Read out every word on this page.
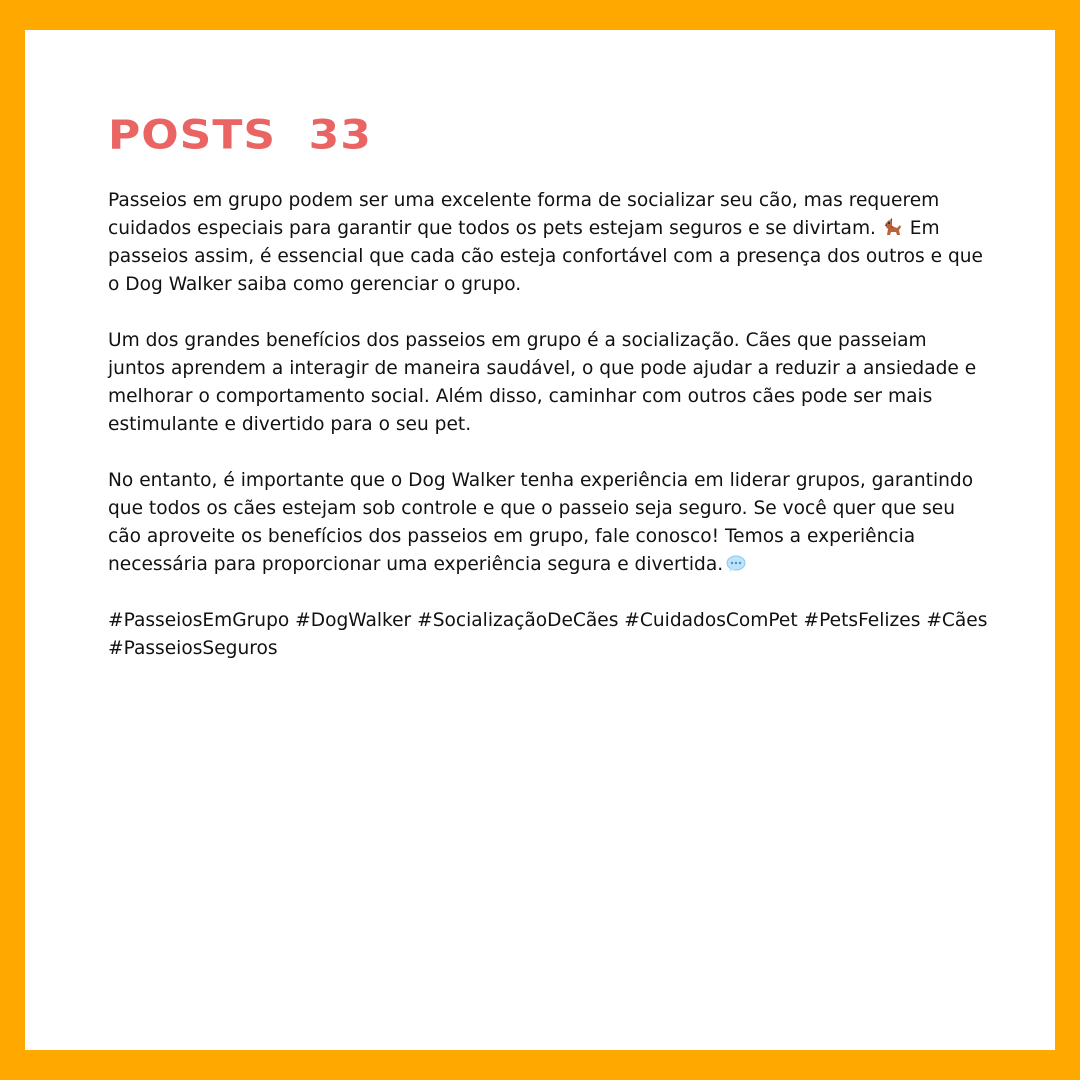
POSTS  33

Passeios em grupo podem ser uma excelente forma de socializar seu cão, mas requerem cuidados especiais para garantir que todos os pets estejam seguros e se divirtam.  Em passeios assim, é essencial que cada cão esteja confortável com a presença dos outros e que o Dog Walker saiba como gerenciar o grupo.

Um dos grandes benefícios dos passeios em grupo é a socialização. Cães que passeiam juntos aprendem a interagir de maneira saudável, o que pode ajudar a reduzir a ansiedade e melhorar o comportamento social. Além disso, caminhar com outros cães pode ser mais estimulante e divertido para o seu pet.

No entanto, é importante que o Dog Walker tenha experiência em liderar grupos, garantindo que todos os cães estejam sob controle e que o passeio seja seguro. Se você quer que seu cão aproveite os benefícios dos passeios em grupo, fale conosco! Temos a experiência necessária para proporcionar uma experiência segura e divertida.

#PasseiosEmGrupo #DogWalker #SocializaçãoDeCães #CuidadosComPet #PetsFelizes #Cães #PasseiosSeguros
